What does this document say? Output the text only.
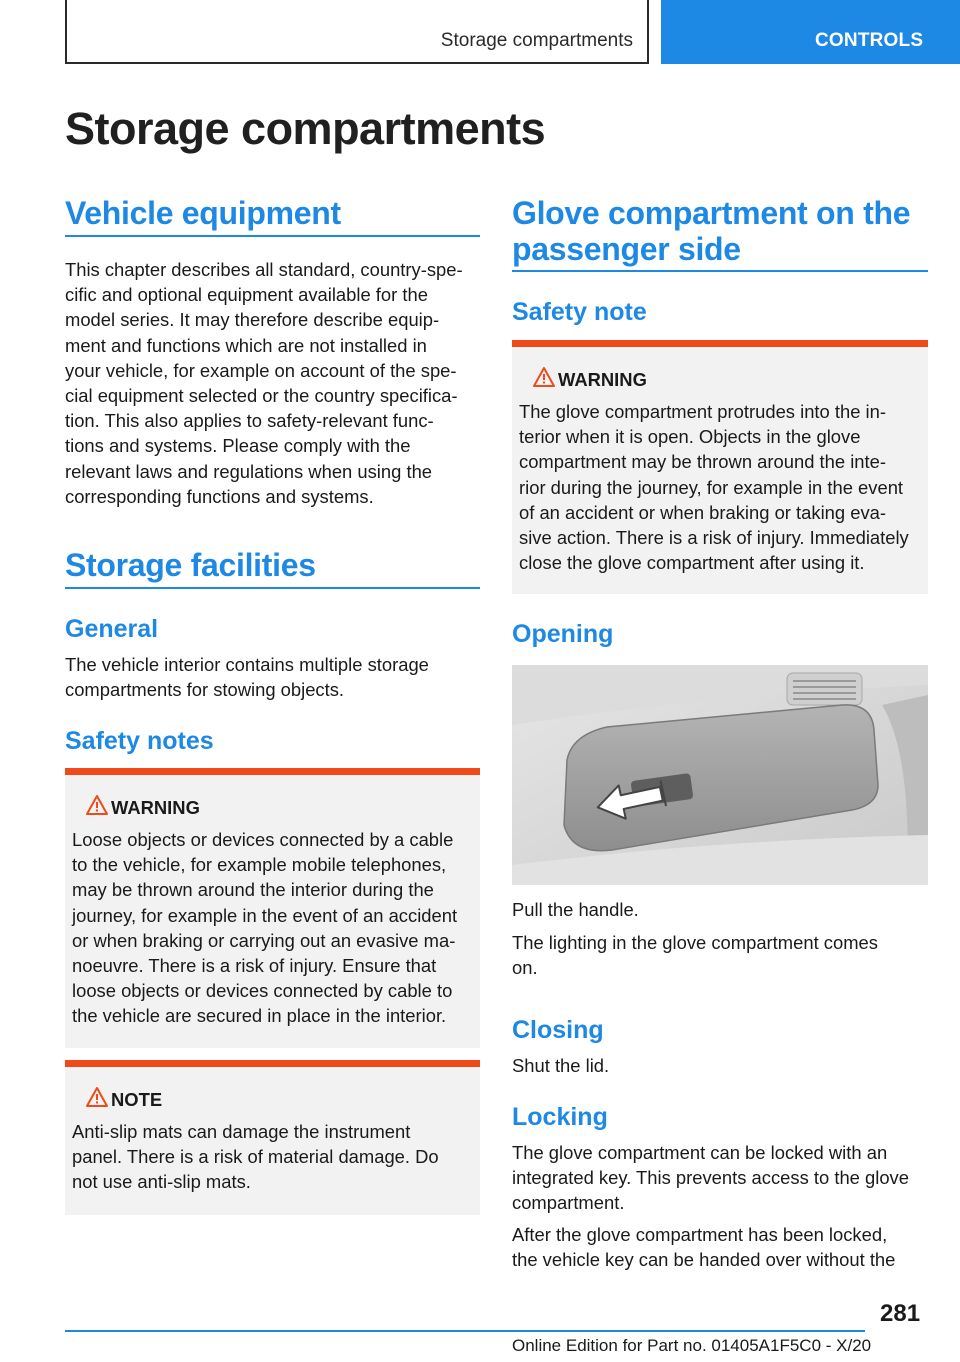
Storage compartments	CONTROLS
Storage compartments
Vehicle equipment
This chapter describes all standard, country-spe‐
cific and optional equipment available for the
model series. It may therefore describe equip‐
ment and functions which are not installed in
your vehicle, for example on account of the spe‐
cial equipment selected or the country specifica‐
tion. This also applies to safety-relevant func‐
tions and systems. Please comply with the
relevant laws and regulations when using the
corresponding functions and systems.
Storage facilities
General
The vehicle interior contains multiple storage
compartments for stowing objects.
Safety notes
WARNING
Loose objects or devices connected by a cable
to the vehicle, for example mobile telephones,
may be thrown around the interior during the
journey, for example in the event of an accident
or when braking or carrying out an evasive ma‐
noeuvre. There is a risk of injury. Ensure that
loose objects or devices connected by cable to
the vehicle are secured in place in the interior.
NOTE
Anti-slip mats can damage the instrument
panel. There is a risk of material damage. Do
not use anti-slip mats.
Glove compartment on the
passenger side
Safety note
WARNING
The glove compartment protrudes into the in‐
terior when it is open. Objects in the glove
compartment may be thrown around the inte‐
rior during the journey, for example in the event
of an accident or when braking or taking eva‐
sive action. There is a risk of injury. Immediately
close the glove compartment after using it.
Opening
Pull the handle.
The lighting in the glove compartment comes
on.
Closing
Shut the lid.
Locking
The glove compartment can be locked with an
integrated key. This prevents access to the glove
compartment.
After the glove compartment has been locked,
the vehicle key can be handed over without the
281
Online Edition for Part no. 01405A1F5C0 - X/20
